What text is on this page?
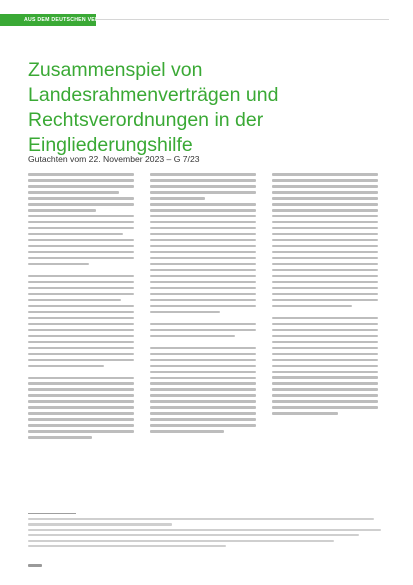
AUS DEM DEUTSCHEN VEREIN
Zusammenspiel von Landesrahmenverträgen und Rechtsverordnungen in der Eingliederungshilfe

Gutachten vom 22. November 2023 – G 7/23
